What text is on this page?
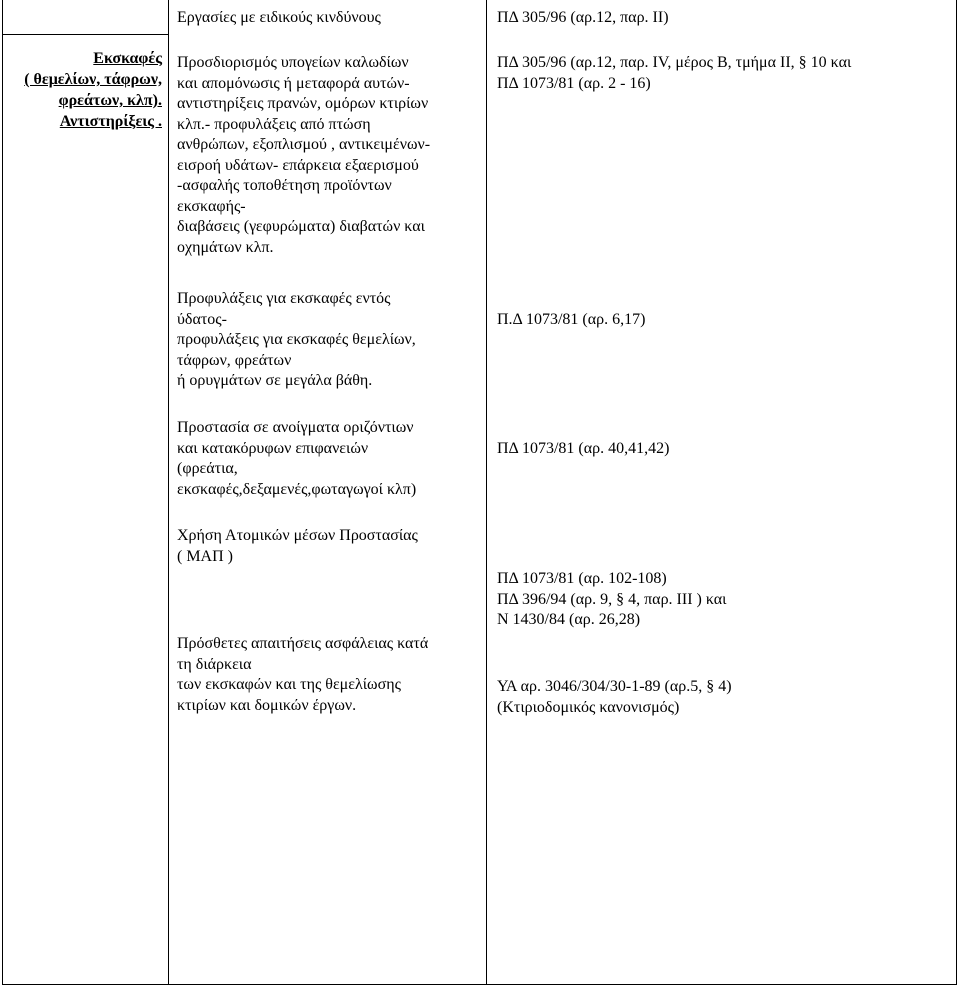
Εκσκαφές
( θεμελίων, τάφρων,
φρεάτων, κλπ).
Αντιστηρίξεις .
Εργασίες με ειδικούς κινδύνους	ΠΔ 305/96 (αρ.12, παρ. ΙΙ)
Προσδιορισμός υπογείων καλωδίων
και απομόνωσις ή μεταφορά αυτών-
αντιστηρίξεις πρανών, ομόρων κτιρίων
κλπ.- προφυλάξεις από πτώση
ανθρώπων, εξοπλισμού , αντικειμένων-
εισροή υδάτων- επάρκεια εξαερισμού
-ασφαλής τοποθέτηση προϊόντων
εκσκαφής-
διαβάσεις (γεφυρώματα) διαβατών και
οχημάτων κλπ.
ΠΔ 305/96 (αρ.12, παρ. ΙV, μέρος Β, τμήμα ΙΙ, § 10 και
ΠΔ 1073/81 (αρ. 2 - 16)
Προφυλάξεις για εκσκαφές εντός
ύδατος-
προφυλάξεις για εκσκαφές θεμελίων,
τάφρων, φρεάτων
ή ορυγμάτων σε μεγάλα βάθη.
Π.Δ 1073/81 (αρ. 6,17)
Προστασία σε ανοίγματα οριζόντιων
και κατακόρυφων επιφανειών
(φρεάτια,
εκσκαφές,δεξαμενές,φωταγωγοί κλπ)
ΠΔ 1073/81 (αρ. 40,41,42)
Χρήση Ατομικών μέσων Προστασίας
( ΜΑΠ )
ΠΔ 1073/81 (αρ. 102-108)
ΠΔ 396/94 (αρ. 9, § 4, παρ. ΙΙΙ ) και
Ν 1430/84 (αρ. 26,28)
Πρόσθετες απαιτήσεις ασφάλειας κατά
τη διάρκεια
των εκσκαφών και της θεμελίωσης
κτιρίων και δομικών έργων.
ΥΑ αρ. 3046/304/30-1-89 (αρ.5, § 4)
(Κτιριοδομικός κανονισμός)
